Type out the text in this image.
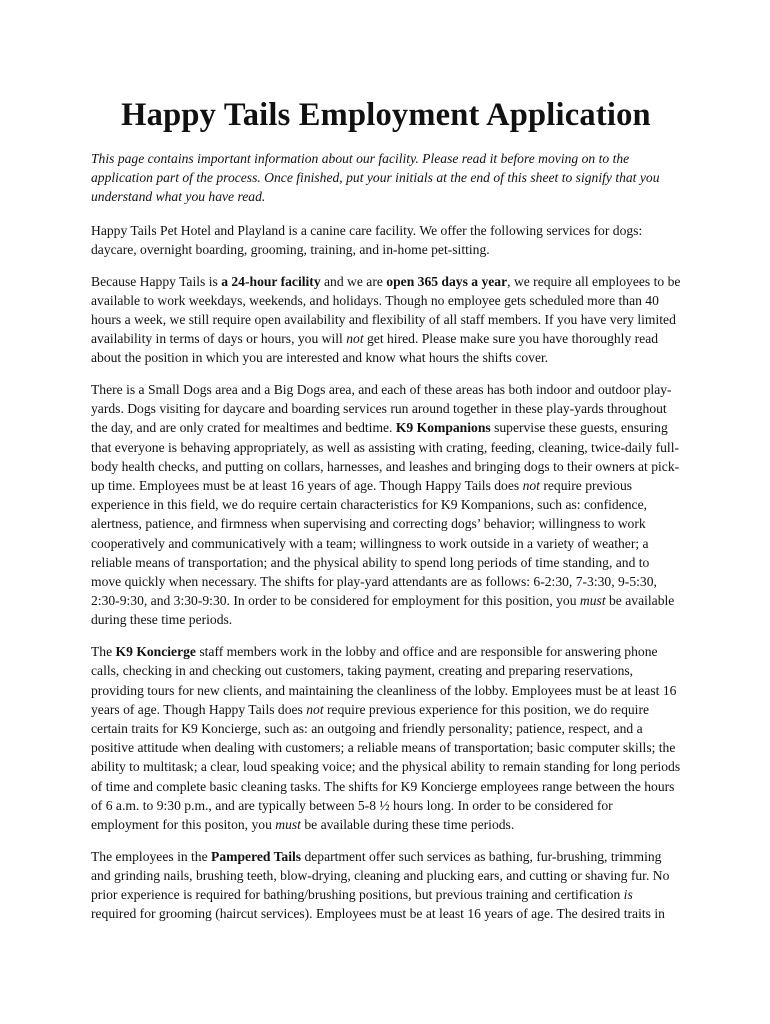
Happy Tails Employment Application

This page contains important information about our facility. Please read it before moving on to the application part of the process. Once finished, put your initials at the end of this sheet to signify that you understand what you have read.

Happy Tails Pet Hotel and Playland is a canine care facility. We offer the following services for dogs: daycare, overnight boarding, grooming, training, and in-home pet-sitting.

Because Happy Tails is a 24-hour facility and we are open 365 days a year, we require all employees to be available to work weekdays, weekends, and holidays. Though no employee gets scheduled more than 40 hours a week, we still require open availability and flexibility of all staff members. If you have very limited availability in terms of days or hours, you will not get hired. Please make sure you have thoroughly read about the position in which you are interested and know what hours the shifts cover.

There is a Small Dogs area and a Big Dogs area, and each of these areas has both indoor and outdoor play-yards. Dogs visiting for daycare and boarding services run around together in these play-yards throughout the day, and are only crated for mealtimes and bedtime. K9 Kompanions supervise these guests, ensuring that everyone is behaving appropriately, as well as assisting with crating, feeding, cleaning, twice-daily full-body health checks, and putting on collars, harnesses, and leashes and bringing dogs to their owners at pick-up time. Employees must be at least 16 years of age. Though Happy Tails does not require previous experience in this field, we do require certain characteristics for K9 Kompanions, such as: confidence, alertness, patience, and firmness when supervising and correcting dogs’ behavior; willingness to work cooperatively and communicatively with a team; willingness to work outside in a variety of weather; a reliable means of transportation; and the physical ability to spend long periods of time standing, and to move quickly when necessary. The shifts for play-yard attendants are as follows: 6-2:30, 7-3:30, 9-5:30, 2:30-9:30, and 3:30-9:30. In order to be considered for employment for this position, you must be available during these time periods.

The K9 Koncierge staff members work in the lobby and office and are responsible for answering phone calls, checking in and checking out customers, taking payment, creating and preparing reservations, providing tours for new clients, and maintaining the cleanliness of the lobby. Employees must be at least 16 years of age. Though Happy Tails does not require previous experience for this position, we do require certain traits for K9 Koncierge, such as: an outgoing and friendly personality; patience, respect, and a positive attitude when dealing with customers; a reliable means of transportation; basic computer skills; the ability to multitask; a clear, loud speaking voice; and the physical ability to remain standing for long periods of time and complete basic cleaning tasks. The shifts for K9 Koncierge employees range between the hours of 6 a.m. to 9:30 p.m., and are typically between 5-8 ½ hours long. In order to be considered for employment for this positon, you must be available during these time periods.

The employees in the Pampered Tails department offer such services as bathing, fur-brushing, trimming and grinding nails, brushing teeth, blow-drying, cleaning and plucking ears, and cutting or shaving fur. No prior experience is required for bathing/brushing positions, but previous training and certification is required for grooming (haircut services). Employees must be at least 16 years of age. The desired traits in
